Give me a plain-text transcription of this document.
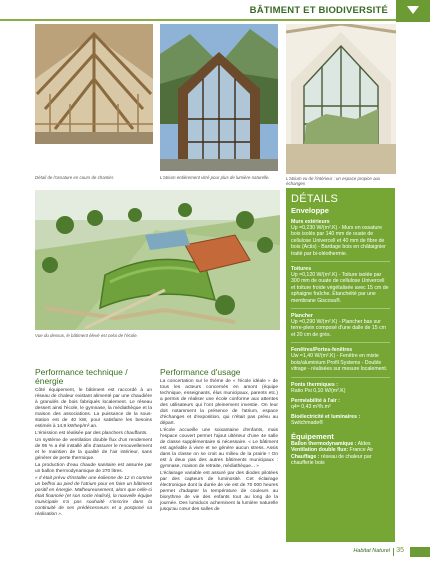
BÂTIMENT ET BIODIVERSITÉ
Détail de l'ossature en cours de chantier.	L'atrium entièrement vitré pour plus de lumière naturelle.	L'atrium vu de l'intérieur : un espace propice aux échanges
Vue du dessus, le bâtiment élevé est celui de l'école.
DÉTAILS
Enveloppe
Murs extérieurs
Up =0,230 W/(m².K) - Murs en ossature bois isolés par 140 mm de ouate de cellulose Univercell et 40 mm de fibre de bois (Actis) - Bardage bois en châtaignier traité par bi-oléothermie.
Toitures
Up =0,120 W/(m².K) - Toiture isolée par 300 mm de ouate de cellulose Univercell et toiture froide végétalisée avec 15 cm de sphaigne fraîche. Étanchéité par une membrane Giscosa®.
Plancher
Up =0,290 W/(m².K) - Plancher bas sur terre-plein composé d'une dalle de 15 cm et 20 cm de grès.
Fenêtres/Portes-fenêtres
Uw =1,40 W/(m².K) - Fenêtre en mixte bois/aluminium Profil Systems - Double vitrage - réalisées sur mesure localement.
Ponts thermiques :
Ratio Psi 0,10 W/(m².K)
Perméabilité à l'air :
q4= 0,43 m³/h.m²
Bioélectricité et luminaires :
Switchmade®
Équipement
Ballon thermodynamique : Aldes
Ventilation double flux: France Air
Chauffage : réseau de chaleur par chaufferie bois
Performance technique / énergie

Côté équipement, le bâtiment est raccordé à un réseau de chaleur existant alimenté par une chaudière à granulés de bois fabriqués localement. Le réseau dessert ainsi l'école, le gymnase, la médiathèque et la maison des associations. La puissance de la sous-station est de 40 kW, pour satisfaire les besoins estimés à 14,9 kWhep/m².an.

L'émission est réalisée par des planchers chauffants.

Un système de ventilation double flux d'un rendement de 95 % a été installé afin d'assurer le renouvellement et le maintien de la qualité de l'air intérieur, sans générer de perte thermique.

La production d'eau chaude sanitaire est assurée par un ballon thermodynamique de 270 litres.

« Il était prévu d'installer une éolienne de 12 m comme un beffroi au pied de l'atrium pour en faire un bâtiment positif en énergie. Malheureusement, alors que celle-ci était financée (et son socle réalisé), la nouvelle équipe municipale n'a pas souhaité s'inscrire dans la continuité de ses prédécesseurs et a postposé sa réalisation ».

Performance d'usage

La concertation sur le thème de « l'école idéale » de tous les acteurs concernés en amont (équipe technique, enseignants, élus municipaux, parents etc.) a permis de réaliser une école conforme aux attentes des utilisateurs qui l'ont pleinement investie. On leur doit notamment la présence de l'atrium, espace d'échanges et d'exposition, qui n'était pas prévu au départ.

L'école accueille une soixantaine d'enfants, mais l'espace couvert permet l'ajout ultérieur d'une 4e salle de classe supplémentaire si nécessaire. « Le bâtiment est agréable à vivre et ne génère aucun stress. Assis dans la classe on se croit au milieu de la prairie ! On est à deux pas des autres bâtiments municipaux : gymnase, maison de retraite, médiathèque... »

L'éclairage variable est assuré par des diodes pilotées par des capteurs de luminosité. Cet éclairage électronique dont la durée de vie est de 70 000 heures permet d'adapter la température de couleurs au biorythme de vie des enfants tout au long de la journée. Des lumiducs acheminent la lumière naturelle jusqu'au cœur des salles de

Habitat Naturel 35
